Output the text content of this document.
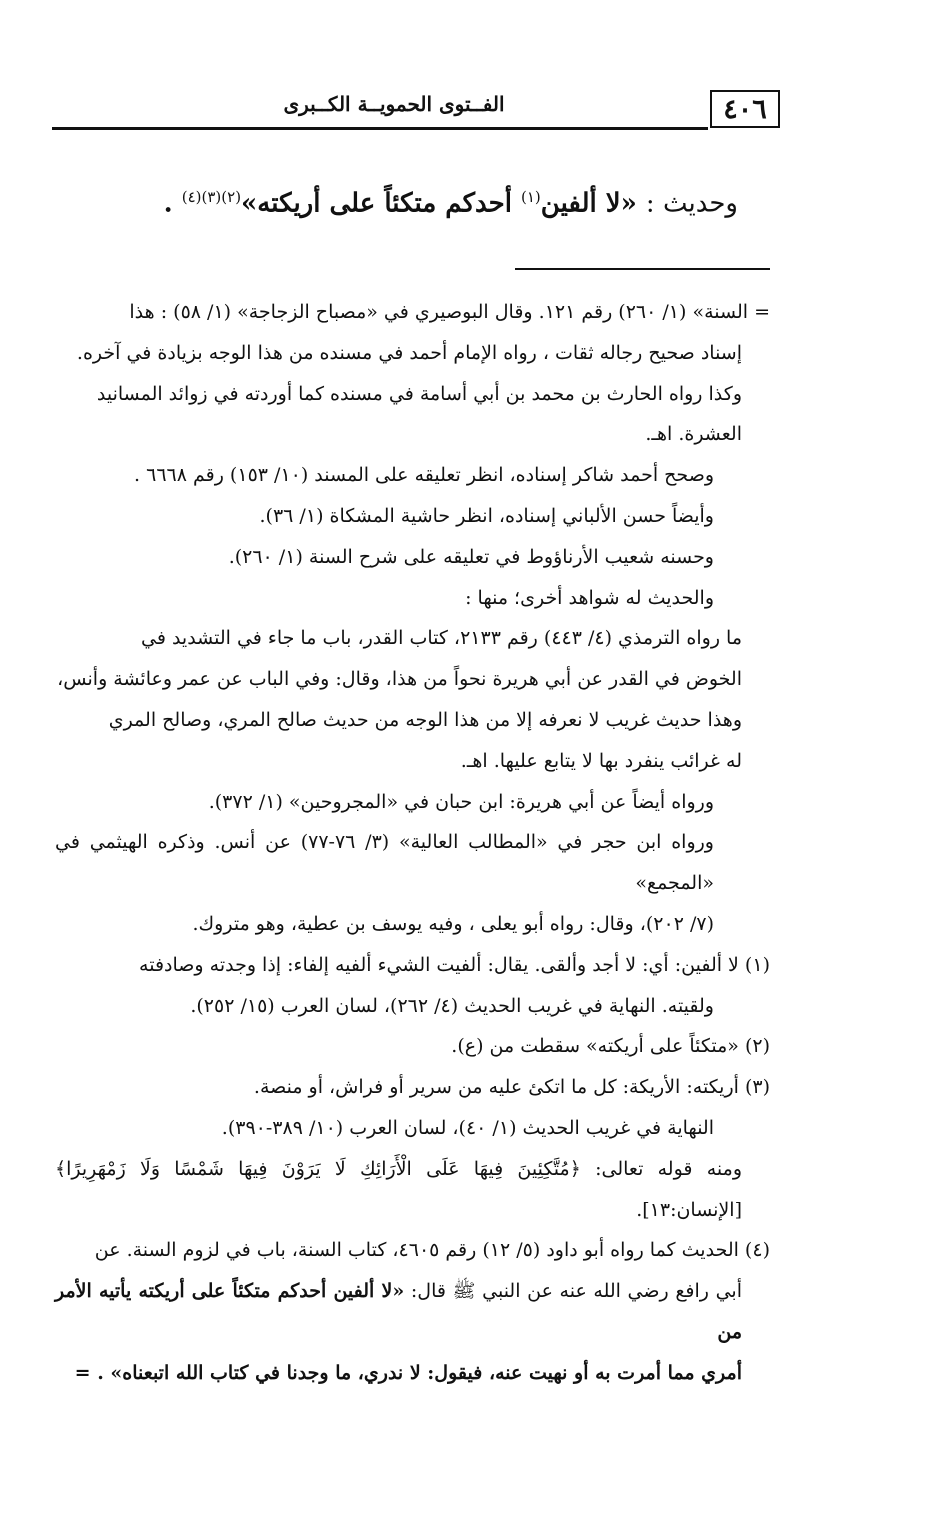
٤٠٦
الفــتوى الحمويــة الكــبرى
وحديث : «لا ألفين$^{(١)}$ أحدكم متكئاً على أريكته»$^{(٢)(٣)(٤)}$ .

= السنة» (١/ ٢٦٠) رقم ١٢١. وقال البوصيري في «مصباح الزجاجة» (١/ ٥٨) : هذا

إسناد صحيح رجاله ثقات ، رواه الإمام أحمد في مسنده من هذا الوجه بزيادة في آخره.

وكذا رواه الحارث بن محمد بن أبي أسامة في مسنده كما أوردته في زوائد المسانيد

العشرة. اهـ.

وصحح أحمد شاكر إسناده، انظر تعليقه على المسند (١٠/ ١٥٣) رقم ٦٦٦٨ .

وأيضاً حسن الألباني إسناده، انظر حاشية المشكاة (١/ ٣٦).

وحسنه شعيب الأرناؤوط في تعليقه على شرح السنة (١/ ٢٦٠).

والحديث له شواهد أخرى؛ منها :

ما رواه الترمذي (٤/ ٤٤٣) رقم ٢١٣٣، كتاب القدر، باب ما جاء في التشديد في

الخوض في القدر عن أبي هريرة نحواً من هذا، وقال: وفي الباب عن عمر وعائشة وأنس،

وهذا حديث غريب لا نعرفه إلا من هذا الوجه من حديث صالح المري، وصالح المري

له غرائب ينفرد بها لا يتابع عليها. اهـ.

ورواه أيضاً عن أبي هريرة: ابن حبان في «المجروحين» (١/ ٣٧٢).

ورواه ابن حجر في «المطالب العالية» (٣/ ٧٦-٧٧) عن أنس. وذكره الهيثمي في «المجمع»

(٧/ ٢٠٢)، وقال: رواه أبو يعلى ، وفيه يوسف بن عطية، وهو متروك.

(١) لا ألفين: أي: لا أجد وألقى. يقال: ألفيت الشيء ألفيه إلفاء: إذا وجدته وصادفته

ولقيته. النهاية في غريب الحديث (٤/ ٢٦٢)، لسان العرب (١٥/ ٢٥٢).

(٢) «متكئاً على أريكته» سقطت من (ع).

(٣) أريكته: الأريكة: كل ما اتكئ عليه من سرير أو فراش، أو منصة.

النهاية في غريب الحديث (١/ ٤٠)، لسان العرب (١٠/ ٣٨٩-٣٩٠).

ومنه قوله تعالى: ﴿مُتَّكِئِينَ فِيهَا عَلَى الْأَرَائِكِ لَا يَرَوْنَ فِيهَا شَمْسًا وَلَا زَمْهَرِيرًا﴾ [الإنسان:١٣].

(٤) الحديث كما رواه أبو داود (٥/ ١٢) رقم ٤٦٠٥، كتاب السنة، باب في لزوم السنة. عن

أبي رافع رضي الله عنه عن النبي ﷺ قال: «لا ألفين أحدكم متكئاً على أريكته يأتيه الأمر من

أمري مما أمرت به أو نهيت عنه، فيقول: لا ندري، ما وجدنا في كتاب الله اتبعناه» . =
